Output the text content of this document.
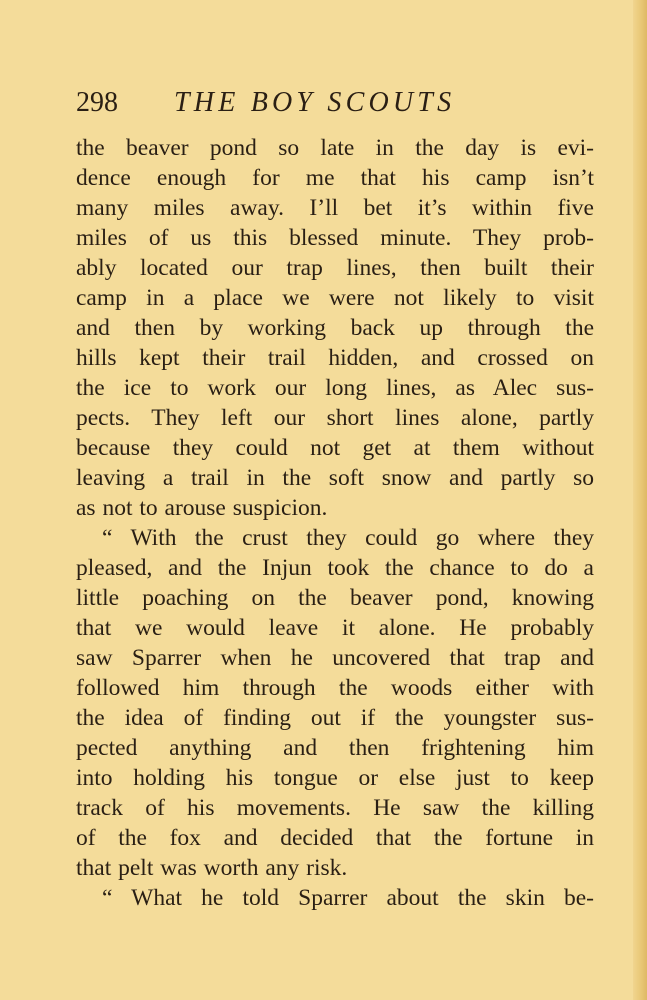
298 THE BOY SCOUTS
the beaver pond so late in the day is evi-
dence enough for me that his camp isn’t
many miles away. I’ll bet it’s within five
miles of us this blessed minute. They prob-
ably located our trap lines, then built their
camp in a place we were not likely to visit
and then by working back up through the
hills kept their trail hidden, and crossed on
the ice to work our long lines, as Alec sus-
pects. They left our short lines alone, partly
because they could not get at them without
leaving a trail in the soft snow and partly so
as not to arouse suspicion.
“ With the crust they could go where they
pleased, and the Injun took the chance to do a
little poaching on the beaver pond, knowing
that we would leave it alone. He probably
saw Sparrer when he uncovered that trap and
followed him through the woods either with
the idea of finding out if the youngster sus-
pected anything and then frightening him
into holding his tongue or else just to keep
track of his movements. He saw the killing
of the fox and decided that the fortune in
that pelt was worth any risk.
“ What he told Sparrer about the skin be-
